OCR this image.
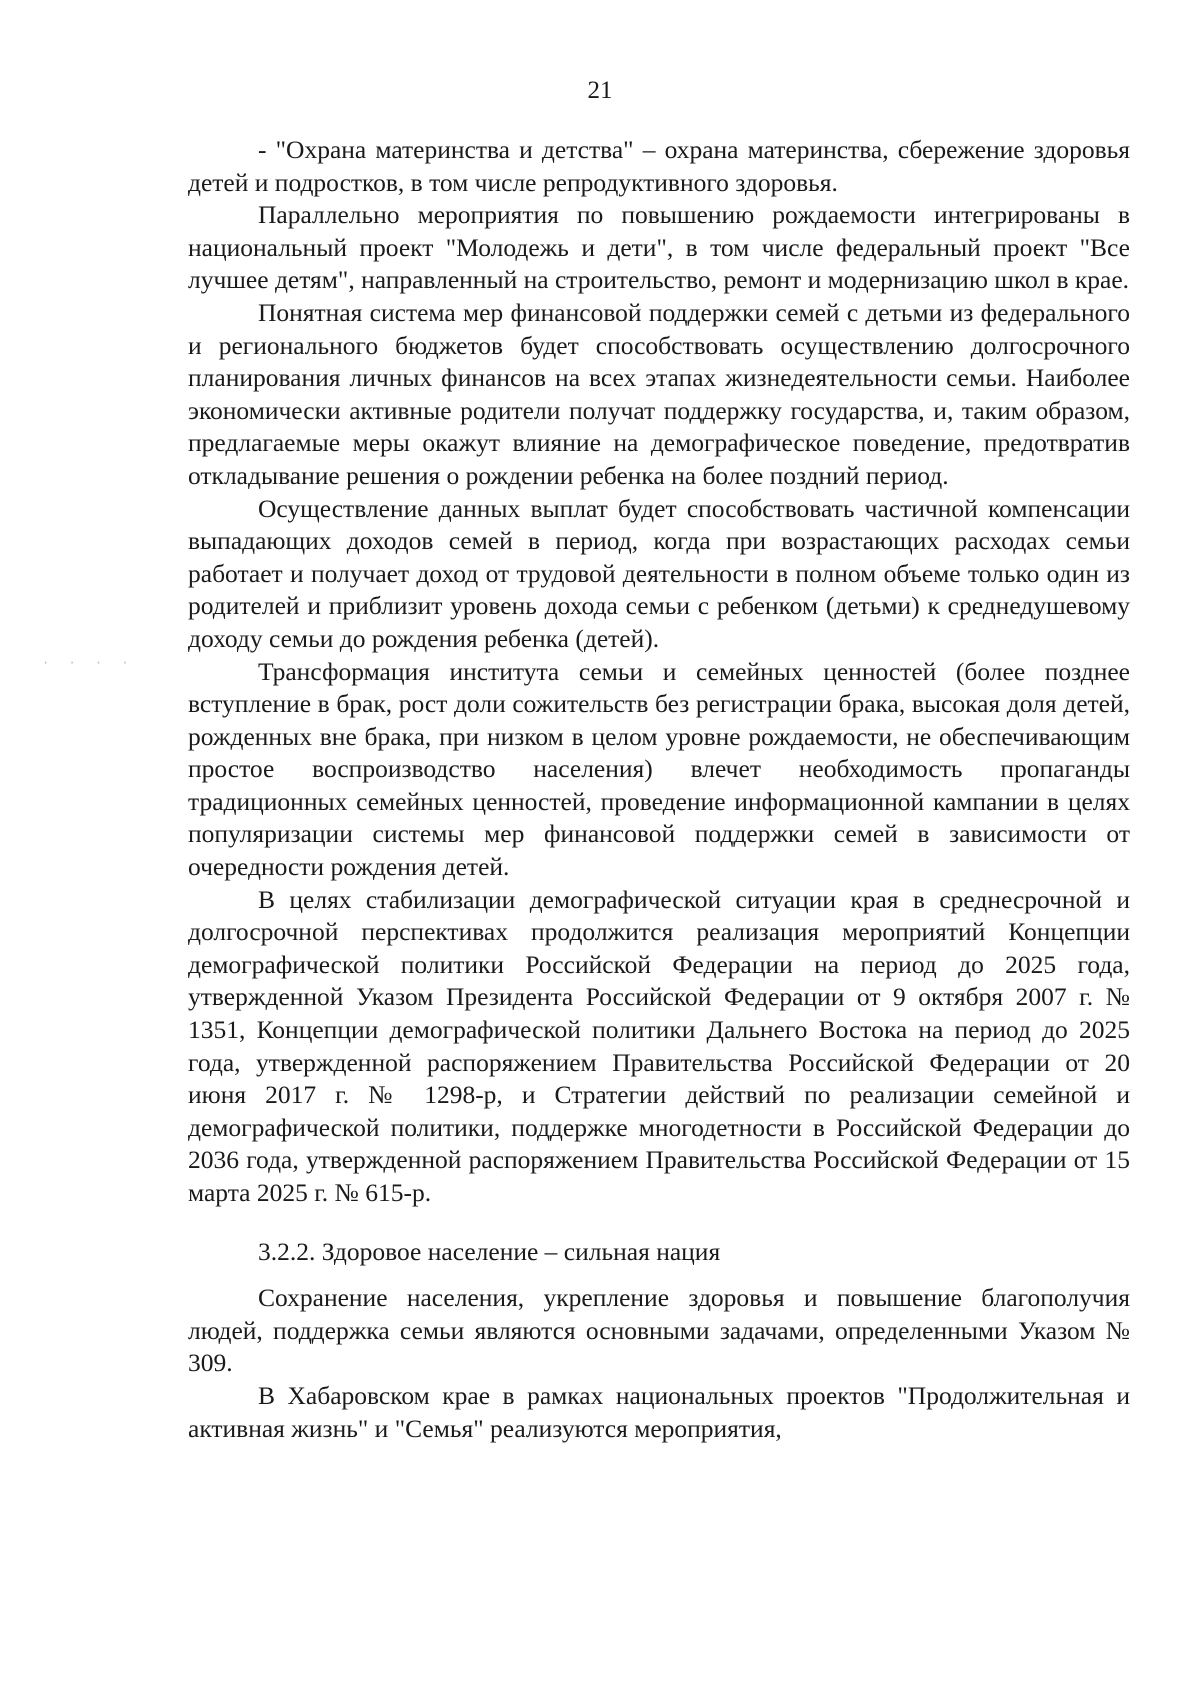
· · · ·
21

- "Охрана материнства и детства" – охрана материнства, сбережение здоровья детей и подростков, в том числе репродуктивного здоровья.

Параллельно мероприятия по повышению рождаемости интегрированы в национальный проект "Молодежь и дети", в том числе федеральный проект "Все лучшее детям", направленный на строительство, ремонт и модернизацию школ в крае.

Понятная система мер финансовой поддержки семей с детьми из федерального и регионального бюджетов будет способствовать осуществлению долгосрочного планирования личных финансов на всех этапах жизнедеятельности семьи. Наиболее экономически активные родители получат поддержку государства, и, таким образом, предлагаемые меры окажут влияние на демографическое поведение, предотвратив откладывание решения о рождении ребенка на более поздний период.

Осуществление данных выплат будет способствовать частичной компенсации выпадающих доходов семей в период, когда при возрастающих расходах семьи работает и получает доход от трудовой деятельности в полном объеме только один из родителей и приблизит уровень дохода семьи с ребенком (детьми) к среднедушевому доходу семьи до рождения ребенка (детей).

Трансформация института семьи и семейных ценностей (более позднее вступление в брак, рост доли сожительств без регистрации брака, высокая доля детей, рожденных вне брака, при низком в целом уровне рождаемости, не обеспечивающим простое воспроизводство населения) влечет необходимость пропаганды традиционных семейных ценностей, проведение информационной кампании в целях популяризации системы мер финансовой поддержки семей в зависимости от очередности рождения детей.

В целях стабилизации демографической ситуации края в среднесрочной и долгосрочной перспективах продолжится реализация мероприятий Концепции демографической политики Российской Федерации на период до 2025 года, утвержденной Указом Президента Российской Федерации от 9 октября 2007 г. № 1351, Концепции демографической политики Дальнего Востока на период до 2025 года, утвержденной распоряжением Правительства Российской Федерации от 20 июня 2017 г. № 1298-р, и Стратегии действий по реализации семейной и демографической политики, поддержке многодетности в Российской Федерации до 2036 года, утвержденной распоряжением Правительства Российской Федерации от 15 марта 2025 г. № 615-р.

3.2.2. Здоровое население – сильная нация

Сохранение населения, укрепление здоровья и повышение благополучия людей, поддержка семьи являются основными задачами, определенными Указом № 309.

В Хабаровском крае в рамках национальных проектов "Продолжительная и активная жизнь" и "Семья" реализуются мероприятия,
